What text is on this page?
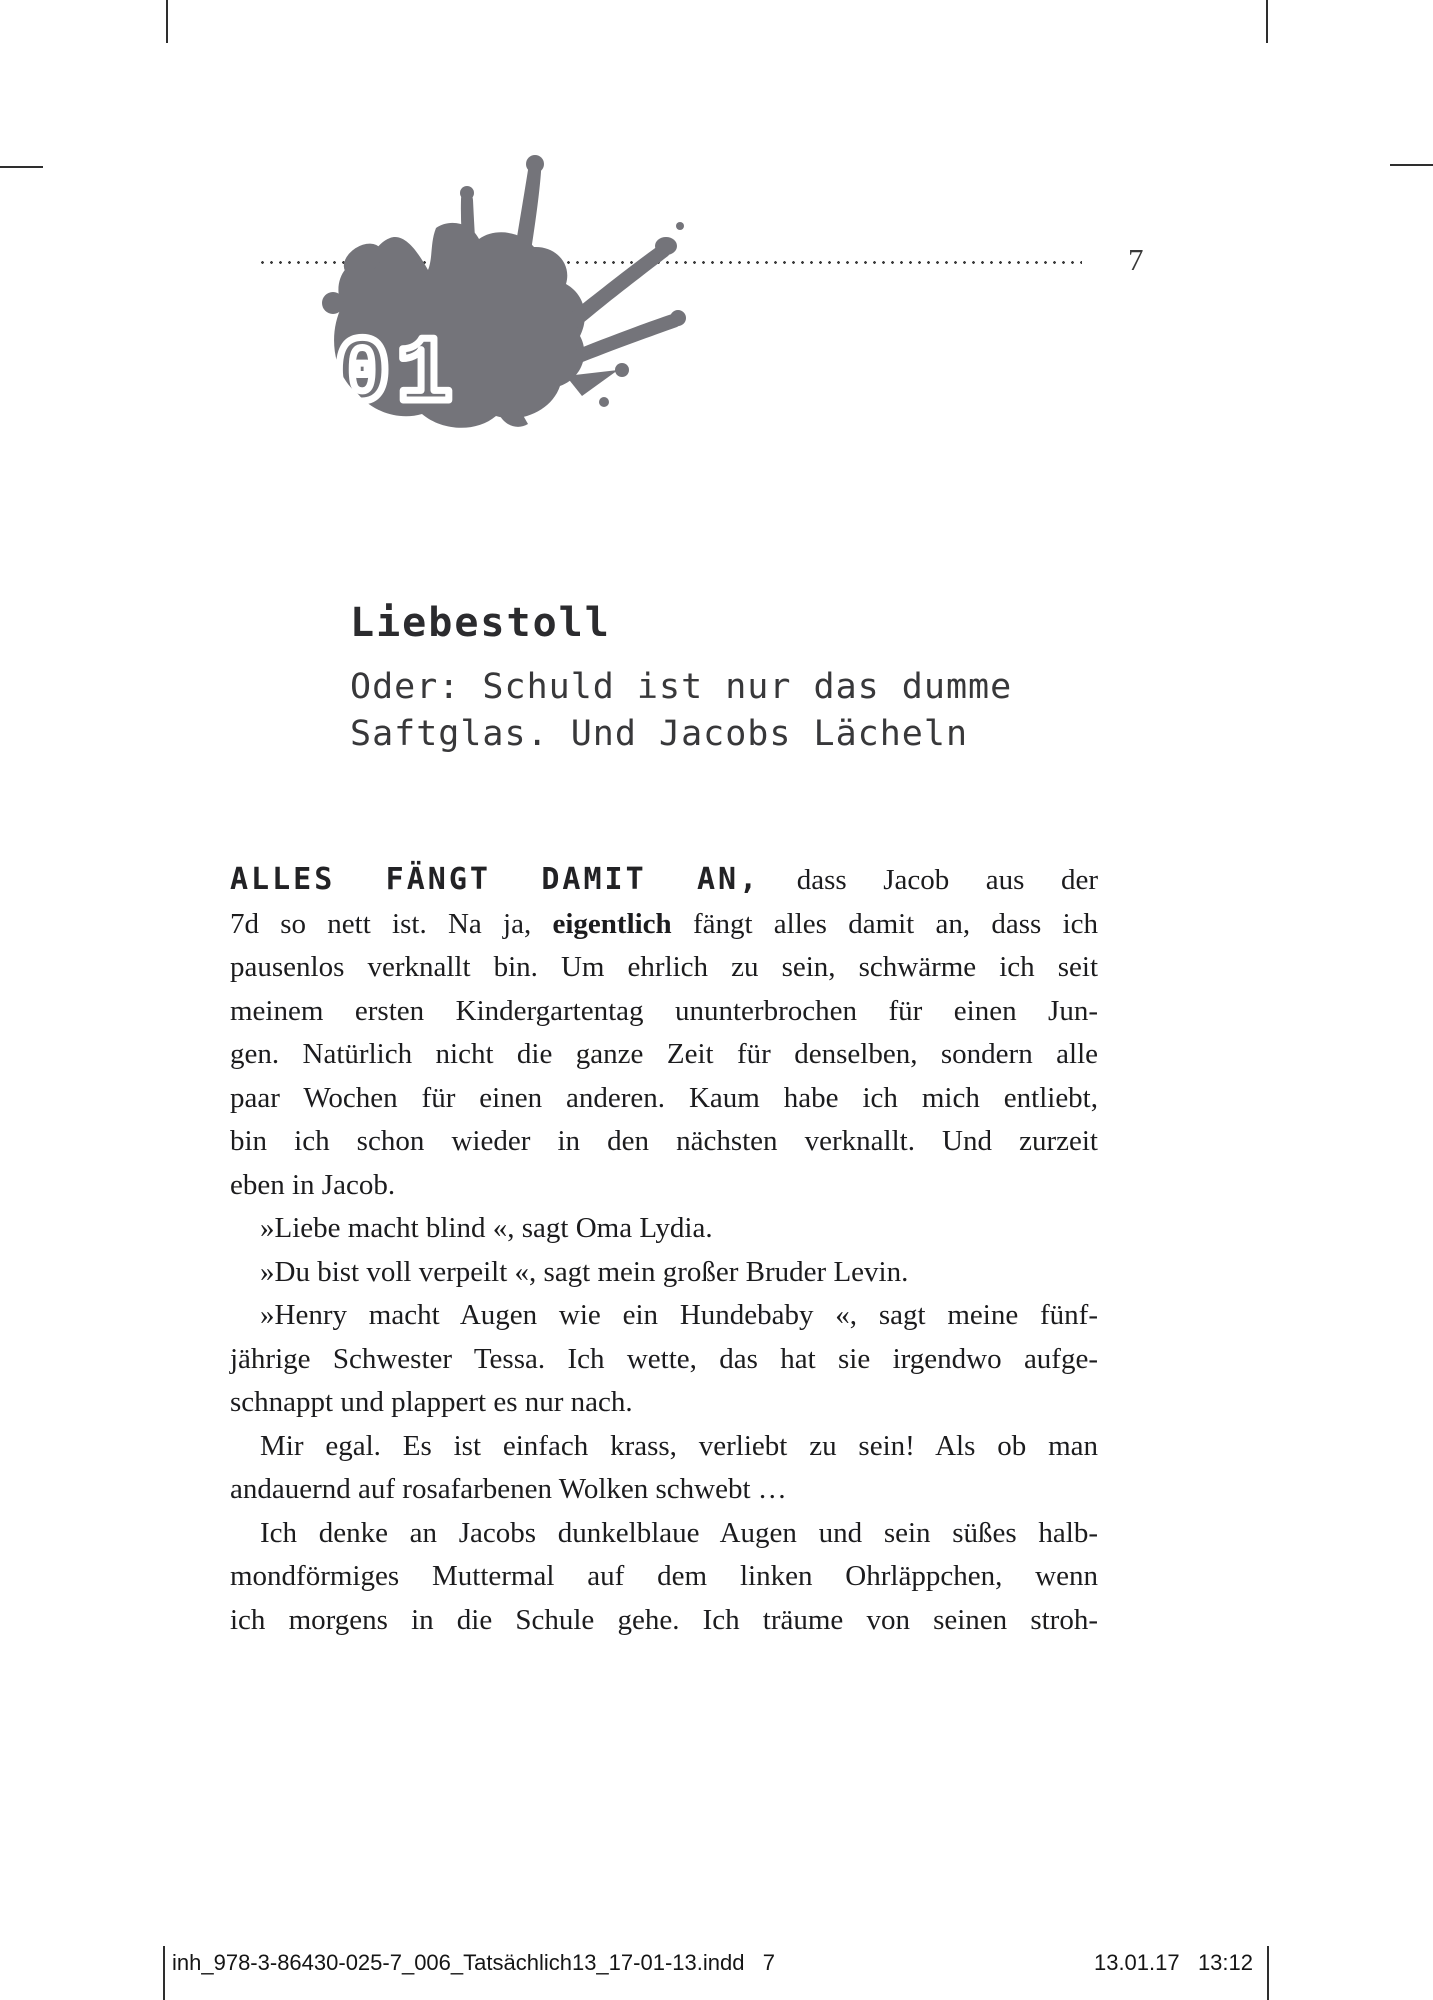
7
01
Liebestoll
Oder: Schuld ist nur das dumme
Saftglas. Und Jacobs Lächeln
ALLES FÄNGT DAMIT AN, dass Jacob aus der
7d so nett ist. Na ja, eigentlich fängt alles damit an, dass ich
pausenlos verknallt bin. Um ehrlich zu sein, schwärme ich seit
meinem ersten Kindergartentag ununterbrochen für einen Jun-
gen. Natürlich nicht die ganze Zeit für denselben, sondern alle
paar Wochen für einen anderen. Kaum habe ich mich entliebt,
bin ich schon wieder in den nächsten verknallt. Und zurzeit
eben in Jacob.
»Liebe macht blind «, sagt Oma Lydia.
»Du bist voll verpeilt «, sagt mein großer Bruder Levin.
»Henry macht Augen wie ein Hundebaby «, sagt meine fünf-
jährige Schwester Tessa. Ich wette, das hat sie irgendwo aufge-
schnappt und plappert es nur nach.
Mir egal. Es ist einfach krass, verliebt zu sein! Als ob man
andauernd auf rosafarbenen Wolken schwebt …
Ich denke an Jacobs dunkelblaue Augen und sein süßes halb-
mondförmiges Muttermal auf dem linken Ohrläppchen, wenn
ich morgens in die Schule gehe. Ich träume von seinen stroh-
inh_978-3-86430-025-7_006_Tatsächlich13_17-01-13.indd   7	13.01.17   13:12
